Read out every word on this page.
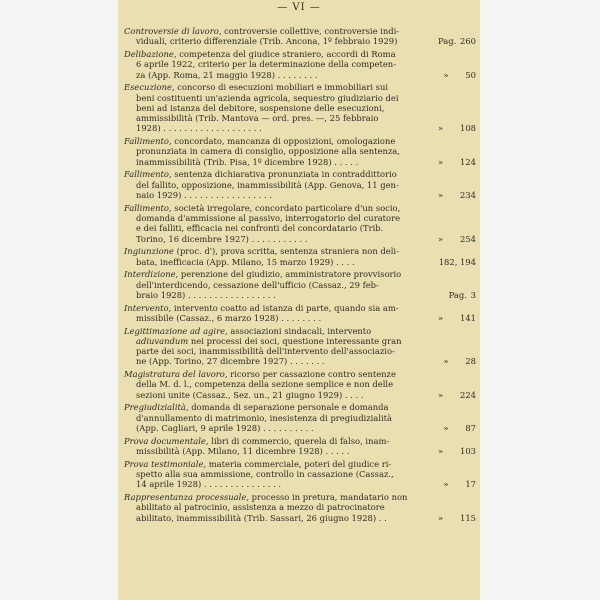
— VI —
Controversie di lavoro, controversie collettive, controversie indi-
viduali, criterio differenziale (Trib. Ancona, 1º febbraio 1929)	Pag. 260
Delibazione, competenza del giudice straniero, accordi di Roma
6 aprile 1922, criterio per la determinazione della competen-
za (App. Roma, 21 maggio 1928) . . . . . . . .	» 50
Esecuzione, concorso di esecuzioni mobiliari e immobiliari sui
beni costituenti un'azienda agricola, sequestro giudiziario dei
beni ad istanza del debitore, sospensione delle esecuzioni,
ammissibilità (Trib. Mantova — ord. pres. —, 25 febbraio
1928) . . . . . . . . . . . . . . . . . . .	» 108
Fallimento, concordato, mancanza di opposizioni, omologazione
pronunziata in camera di consiglio, opposizione alla sentenza,
inammissibilità (Trib. Pisa, 1º dicembre 1928) . . . . .	» 124
Fallimento, sentenza dichiarativa pronunziata in contraddittorio
del fallito, opposizione, inammissibilità (App. Genova, 11 gen-
naio 1929) . . . . . . . . . . . . . . . . .	» 234
Fallimento, società irregolare, concordato particolare d'un socio,
domanda d'ammissione al passivo, interrogatorio del curatore
e dei falliti, efficacia nei confronti del concordatario (Trib.
Torino, 16 dicembre 1927) . . . . . . . . . . .	» 254
Ingiunzione (proc. d'), prova scritta, sentenza straniera non deli-
bata, inefficacia (App. Milano, 15 marzo 1929) . . . .	182, 194
Interdizione, perenzione del giudizio, amministratore provvisorio
dell'interdicendo, cessazione dell'ufficio (Cassaz., 29 feb-
braio 1928) . . . . . . . . . . . . . . . . .	Pag. 3
Intervento, intervento coatto ad istanza di parte, quando sia am-
missibile (Cassaz., 6 marzo 1928) . . . . . . . .	» 141
Legittimazione ad agire, associazioni sindacali, intervento
adiuvandum nei processi dei soci, questione interessante gran
parte dei soci, inammissibilità dell'intervento dell'associazio-
ne (App. Torino, 27 dicembre 1927) . . . . . . .	» 28
Magistratura del lavoro, ricorso per cassazione contro sentenze
della M. d. l., competenza della sezione semplice e non delle
sezioni unite (Cassaz., Sez. un., 21 giugno 1929) . . . .	» 224
Pregiudizialità, domanda di separazione personale e domanda
d'annullamento di matrimonio, inesistenza di pregiudizialità
(App. Cagliari, 9 aprile 1928) . . . . . . . . . .	» 87
Prova documentale, libri di commercio, querela di falso, inam-
missibilità (App. Milano, 11 dicembre 1928) . . . . .	» 103
Prova testimoniale, materia commerciale, poteri del giudice ri-
spetto alla sua ammissione, controllo in cassazione (Cassaz.,
14 aprile 1928) . . . . . . . . . . . . . . .	» 17
Rappresentanza processuale, processo in pretura, mandatario non
abilitato al patrocinio, assistenza a mezzo di patrocinatore
abilitato, inammissibilità (Trib. Sassari, 26 giugno 1928) . .	» 115
